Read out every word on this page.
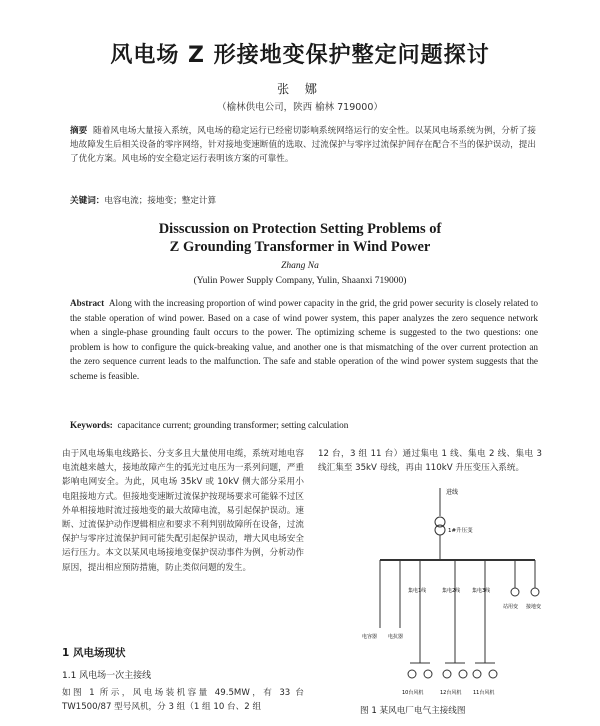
风电场 Z 形接地变保护整定问题探讨
张 娜
（榆林供电公司，陕西 榆林 719000）
摘要 随着风电场大量接入系统，风电场的稳定运行已经密切影响系统网络运行的安全性。以某风电场系统为例，分析了接地故障发生后相关设备的零序网络，针对接地变速断值的选取、过流保护与零序过流保护间存在配合不当的保护误动，提出了优化方案。风电场的安全稳定运行表明该方案的可靠性。
关键词：电容电流；接地变；整定计算
Disscussion on Protection Setting Problems of
Z Grounding Transformer in Wind Power
Zhang Na
(Yulin Power Supply Company, Yulin, Shaanxi 719000)
Abstract Along with the increasing proportion of wind power capacity in the grid, the grid power security is closely related to the stable operation of wind power. Based on a case of wind power system, this paper analyzes the zero sequence network when a single-phase grounding fault occurs to the power. The optimizing scheme is suggested to the two questions: one problem is how to configure the quick-breaking value, and another one is that mismatching of the over current protection an the zero sequence current leads to the malfunction. The safe and stable operation of the wind power system suggests that the scheme is feasible.
Keywords: capacitance current; grounding transformer; setting calculation
由于风电场集电线路长、分支多且大量使用电缆，系统对地电容电流越来越大，接地故障产生的弧光过电压为一系列问题，严重影响电网安全。为此，风电场 35kV 或 10kV 侧大部分采用小电阻接地方式。但接地变速断过流保护按现场要求可能躲不过区外单相接地时流过接地变的最大故障电流，易引起保护误动。速断、过流保护动作逻辑相应和要求不利判别故障所在设备，过流保护与零序过流保护间可能失配引起保护误动，增大风电场安全运行压力。本文以某风电场接地变保护误动事件为例，分析动作原因，提出相应预防措施，防止类似问题的发生。
1 风电场现状
1.1 风电场一次主接线
如图 1 所示，风电场装机容量 49.5MW，有 33 台 TW1500/87 型号风机，分 3 组（1 组 10 台、2 组
12 台，3 组 11 台）通过集电 1 线、集电 2 线、集电 3 线汇集至 35kV 母线，再由 110kV 升压变压入系统。
进线
1#升压变
集电1线	集电2线 集电3线
电容器 电抗器
站用变 接地变
10台风机	12台风机 11台风机
图 1 某风电厂电气主接线图
